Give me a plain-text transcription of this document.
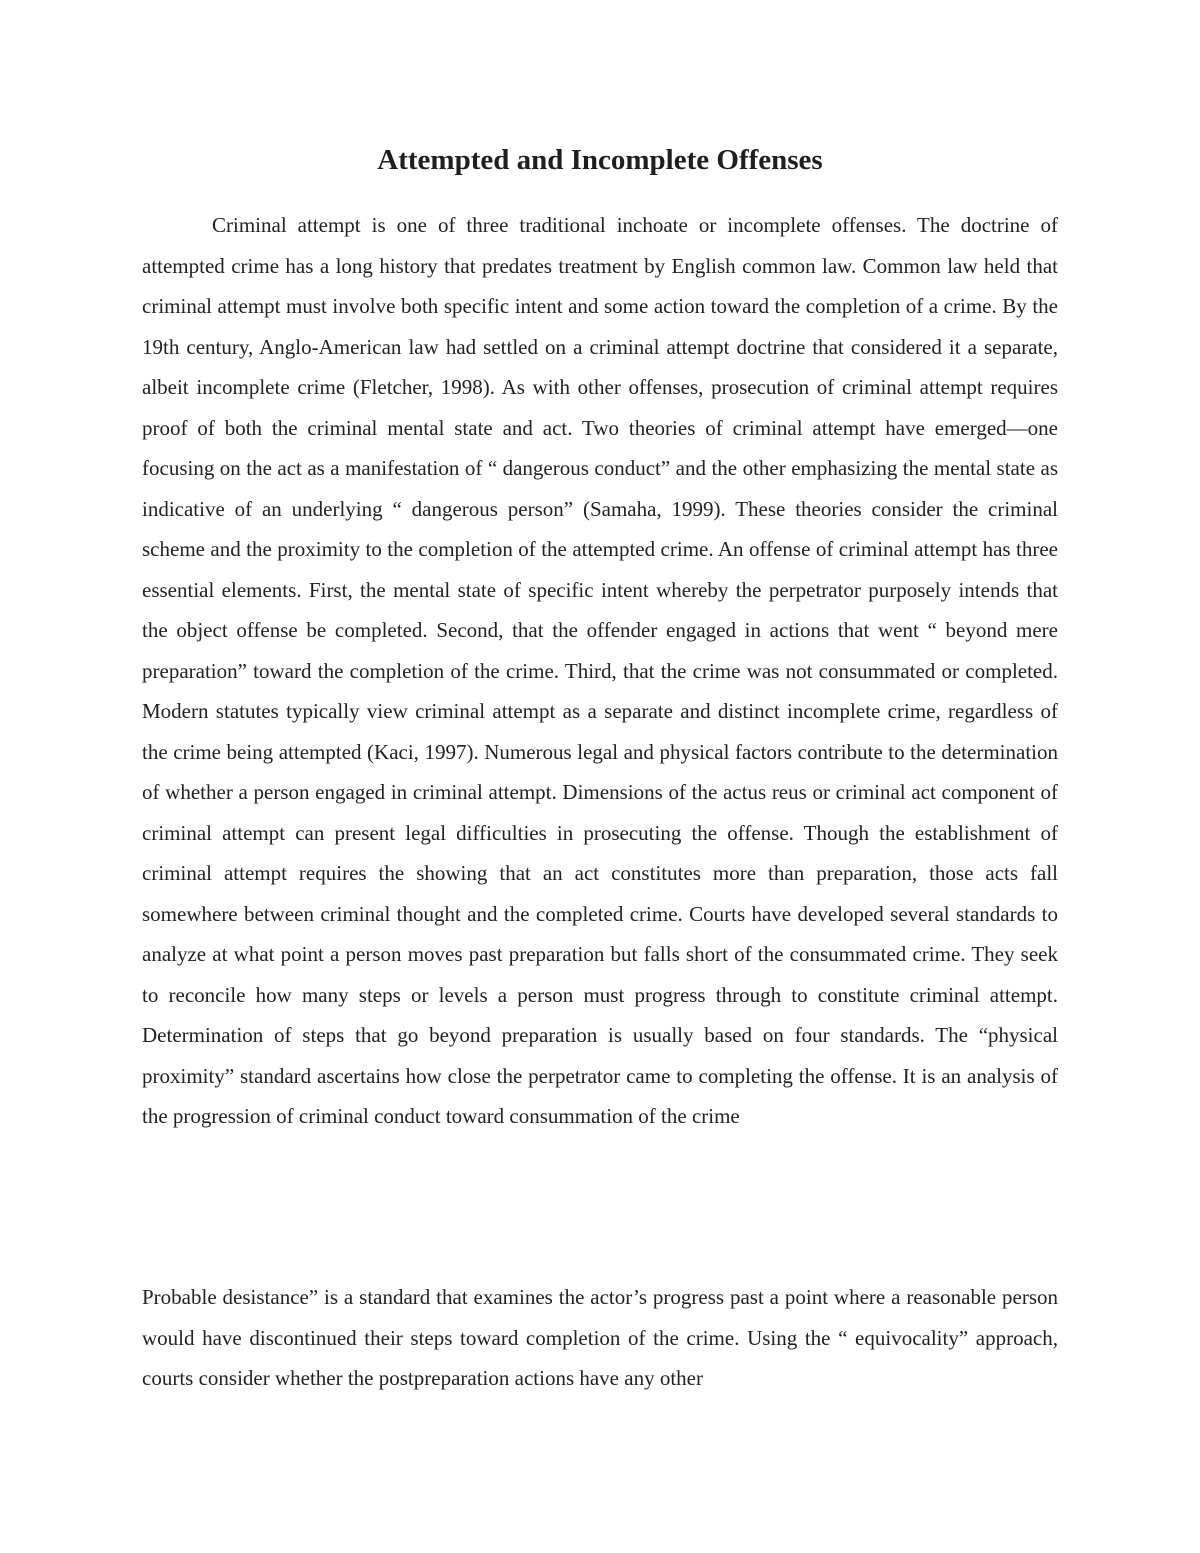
Attempted and Incomplete Offenses

Criminal attempt is one of three traditional inchoate or incomplete offenses. The doctrine of attempted crime has a long history that predates treatment by English common law. Common law held that criminal attempt must involve both specific intent and some action toward the completion of a crime. By the 19th century, Anglo-American law had settled on a criminal attempt doctrine that considered it a separate, albeit incomplete crime (Fletcher, 1998). As with other offenses, prosecution of criminal attempt requires proof of both the criminal mental state and act. Two theories of criminal attempt have emerged—one focusing on the act as a manifestation of “ dangerous conduct” and the other emphasizing the mental state as indicative of an underlying “ dangerous person” (Samaha, 1999). These theories consider the criminal scheme and the proximity to the completion of the attempted crime. An offense of criminal attempt has three essential elements. First, the mental state of specific intent whereby the perpetrator purposely intends that the object offense be completed. Second, that the offender engaged in actions that went “ beyond mere preparation” toward the completion of the crime. Third, that the crime was not consummated or completed. Modern statutes typically view criminal attempt as a separate and distinct incomplete crime, regardless of the crime being attempted (Kaci, 1997). Numerous legal and physical factors contribute to the determination of whether a person engaged in criminal attempt. Dimensions of the actus reus or criminal act component of criminal attempt can present legal difficulties in prosecuting the offense. Though the establishment of criminal attempt requires the showing that an act constitutes more than preparation, those acts fall somewhere between criminal thought and the completed crime. Courts have developed several standards to analyze at what point a person moves past preparation but falls short of the consummated crime. They seek to reconcile how many steps or levels a person must progress through to constitute criminal attempt. Determination of steps that go beyond preparation is usually based on four standards. The “physical proximity” standard ascertains how close the perpetrator came to completing the offense. It is an analysis of the progression of criminal conduct toward consummation of the crime

Probable desistance” is a standard that examines the actor’s progress past a point where a reasonable person would have discontinued their steps toward completion of the crime. Using the “ equivocality” approach, courts consider whether the postpreparation actions have any other
